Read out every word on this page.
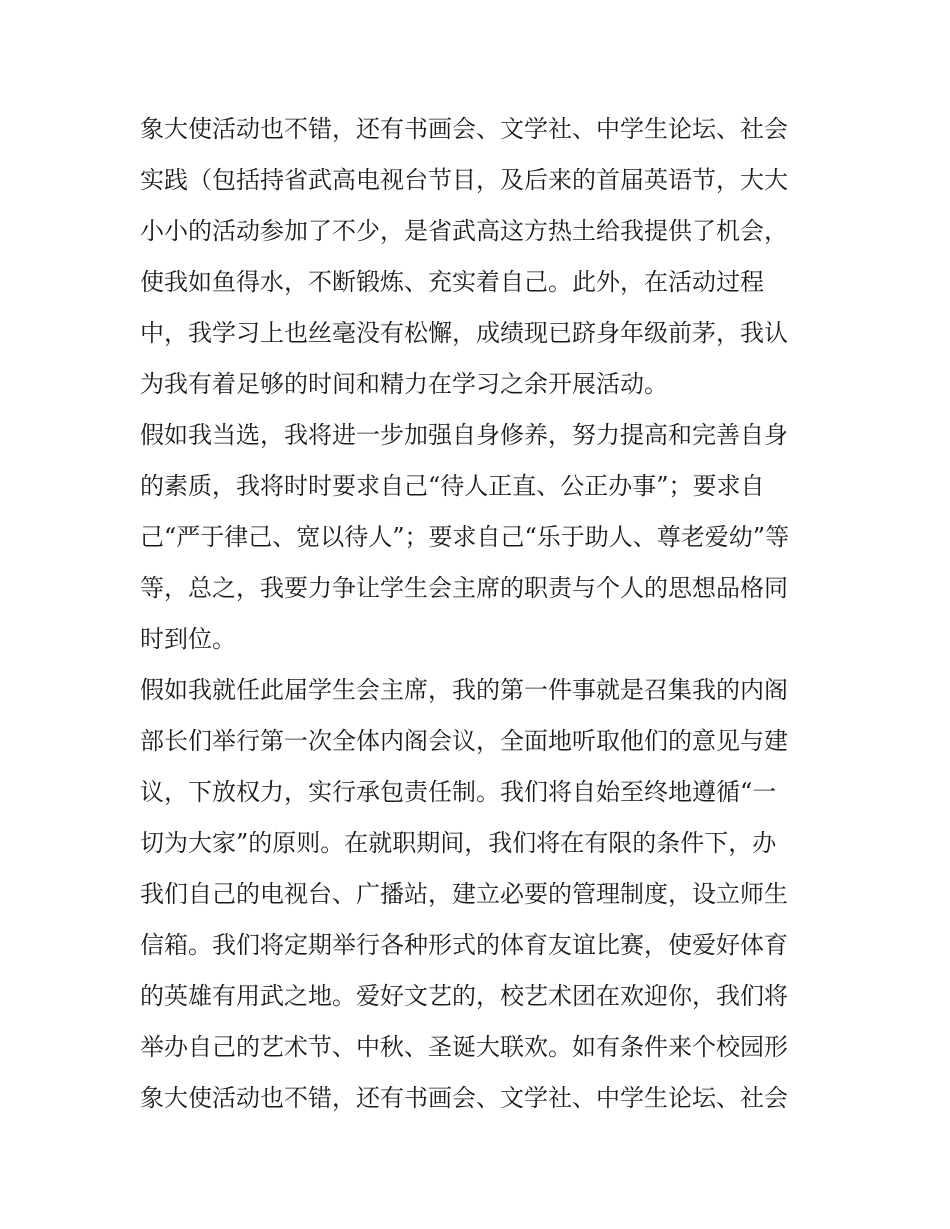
象大使活动也不错，还有书画会、文学社、中学生论坛、社会
实践（包括持省武高电视台节目，及后来的首届英语节，大大
小小的活动参加了不少，是省武高这方热土给我提供了机会，
使我如鱼得水，不断锻炼、充实着自己。此外，在活动过程
中，我学习上也丝毫没有松懈，成绩现已跻身年级前茅，我认
为我有着足够的时间和精力在学习之余开展活动。
假如我当选，我将进一步加强自身修养，努力提高和完善自身
的素质，我将时时要求自己“待人正直、公正办事”；要求自
己“严于律己、宽以待人”；要求自己“乐于助人、尊老爱幼”等
等，总之，我要力争让学生会主席的职责与个人的思想品格同
时到位。
假如我就任此届学生会主席，我的第一件事就是召集我的内阁
部长们举行第一次全体内阁会议，全面地听取他们的意见与建
议，下放权力，实行承包责任制。我们将自始至终地遵循“一
切为大家”的原则。在就职期间，我们将在有限的条件下，办
我们自己的电视台、广播站，建立必要的管理制度，设立师生
信箱。我们将定期举行各种形式的体育友谊比赛，使爱好体育
的英雄有用武之地。爱好文艺的，校艺术团在欢迎你，我们将
举办自己的艺术节、中秋、圣诞大联欢。如有条件来个校园形
象大使活动也不错，还有书画会、文学社、中学生论坛、社会
